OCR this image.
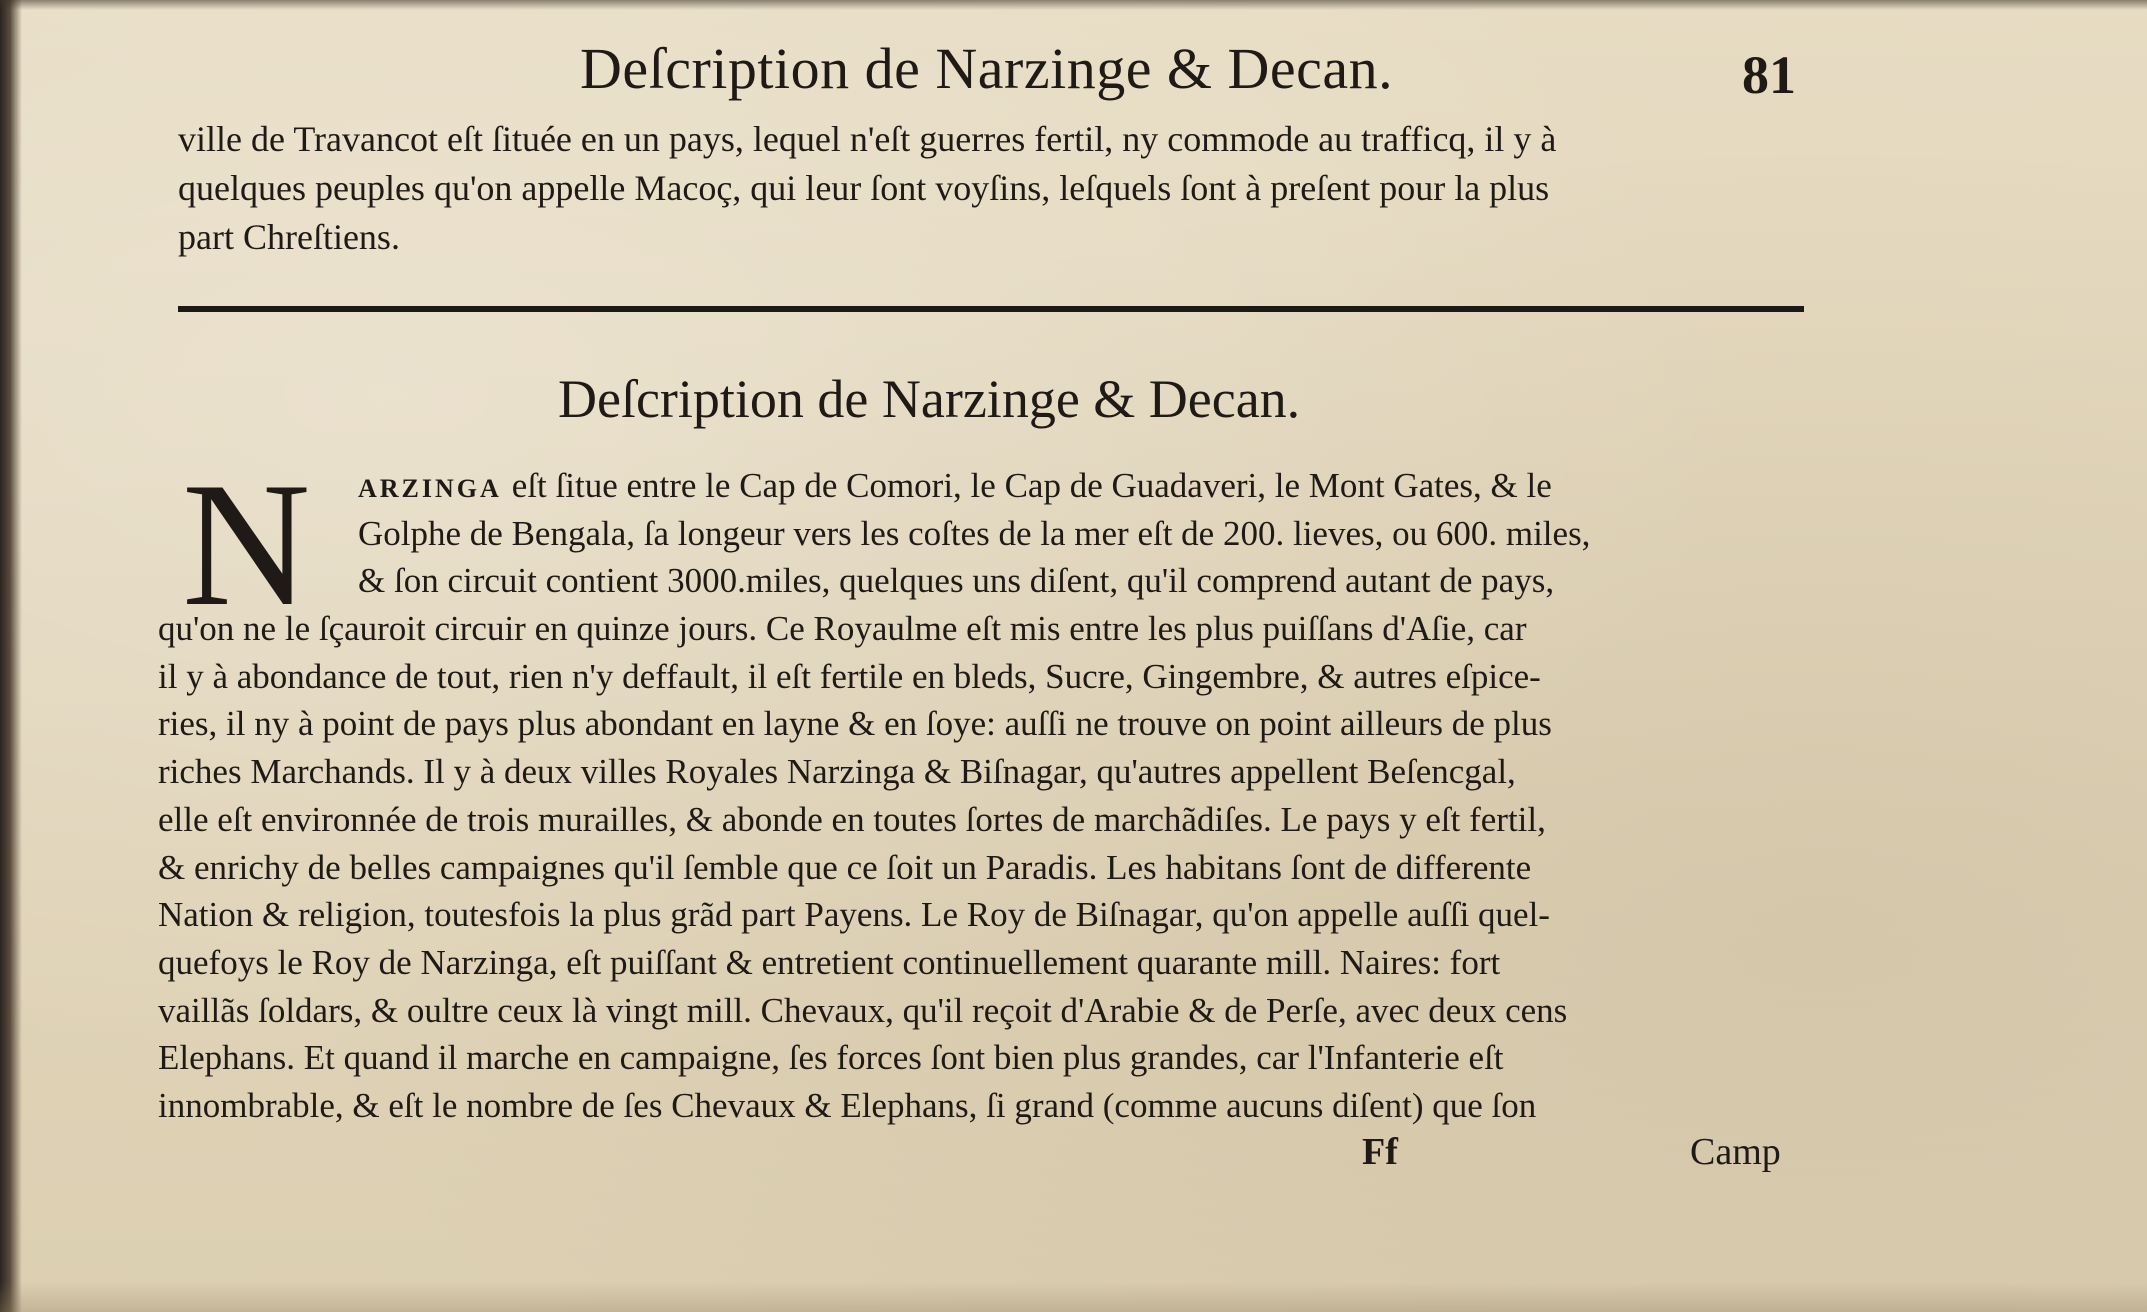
Deſcription de Narzinge & Decan.	81
ville de Travancot eſt ſituée en un pays, lequel n'eſt guerres fertil, ny commode au trafficq, il y à
quelques peuples qu'on appelle Macoç, qui leur ſont voyſins, leſquels ſont à preſent pour la plus
part Chreſtiens.
Deſcription de Narzinge & Decan.
N	ARZINGA eſt ſitue entre le Cap de Comori, le Cap de Guadaveri, le Mont Gates, & le
Golphe de Bengala, ſa longeur vers les coſtes de la mer eſt de 200. lieves, ou 600. miles,
& ſon circuit contient 3000.miles, quelques uns diſent, qu'il comprend autant de pays,
qu'on ne le ſçauroit circuir en quinze jours. Ce Royaulme eſt mis entre les plus puiſſans d'Aſie, car
il y à abondance de tout, rien n'y deffault, il eſt fertile en bleds, Sucre, Gingembre, & autres eſpice-
ries, il ny à point de pays plus abondant en layne & en ſoye: auſſi ne trouve on point ailleurs de plus
riches Marchands. Il y à deux villes Royales Narzinga & Biſnagar, qu'autres appellent Beſencgal,
elle eſt environnée de trois murailles, & abonde en toutes ſortes de marchãdiſes. Le pays y eſt fertil,
& enrichy de belles campaignes qu'il ſemble que ce ſoit un Paradis. Les habitans ſont de differente
Nation & religion, toutesfois la plus grãd part Payens. Le Roy de Biſnagar, qu'on appelle auſſi quel-
quefoys le Roy de Narzinga, eſt puiſſant & entretient continuellement quarante mill. Naires: fort
vaillãs ſoldars, & oultre ceux là vingt mill. Chevaux, qu'il reçoit d'Arabie & de Perſe, avec deux cens
Elephans. Et quand il marche en campaigne, ſes forces ſont bien plus grandes, car l'Infanterie eſt
innombrable, & eſt le nombre de ſes Chevaux & Elephans, ſi grand (comme aucuns diſent) que ſon
Ff	Camp
